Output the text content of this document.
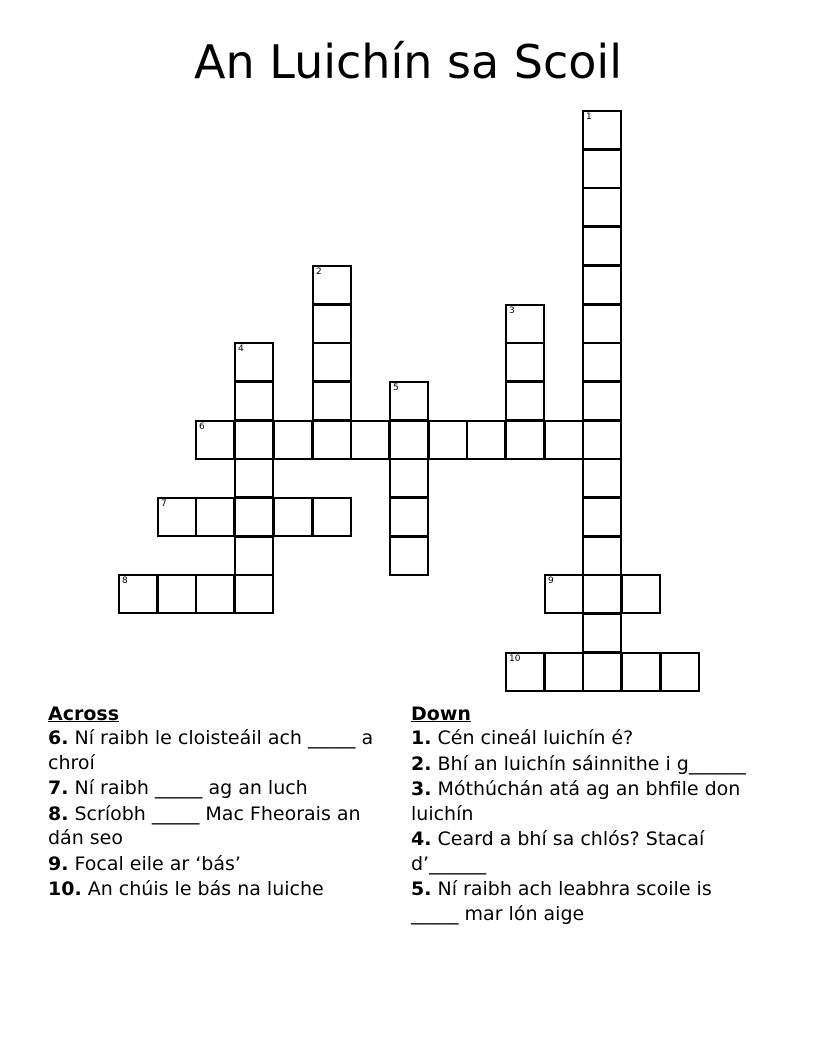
An Luichín sa Scoil
1
2
3
4
5
6
7
8	9
10
Across
6. Ní raibh le cloisteáil ach _____ a chroí
7. Ní raibh _____ ag an luch
8. Scríobh _____ Mac Fheorais an dán seo
9. Focal eile ar ‘bás’
10. An chúis le bás na luiche
Down
1. Cén cineál luichín é?
2. Bhí an luichín sáinnithe i g______
3. Móthúchán atá ag an bhfile don luichín
4. Ceard a bhí sa chlós? Stacaí d’______
5. Ní raibh ach leabhra scoile is _____ mar lón aige
